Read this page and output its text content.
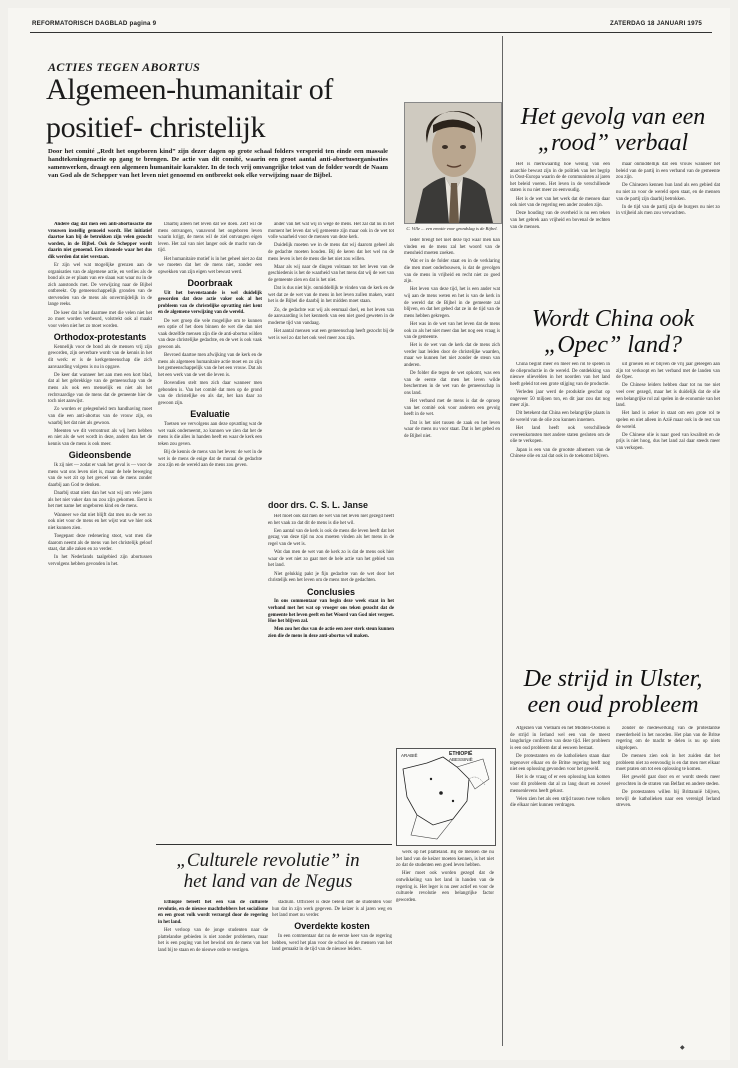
REFORMATORISCH DAGBLAD pagina 9	ZATERDAG 18 JANUARI 1975
ACTIES TEGEN ABORTUS
Algemeen-humanitair of
positief- christelijk
Door het comité „Redt het ongeboren kind” zijn dezer dagen op grote schaal folders verspreid ten einde een massale handtekeningenactie op gang te brengen. De actie van dit comité, waarin een groot aantal anti-abortusorganisaties samenwerken, draagt een algemeen humanitair karakter. In de toch vrij omvangrijke tekst van de folder wordt de Naam van God als de Schepper van het leven niet genoemd en ontbreekt ook elke verwijzing naar de Bijbel.

Andere dag dat men een anti-abortusactie die vrouwen instellig gemoeid wordt. Het initiatief daartoe kan bij de betrokken zijn velen gezocht worden, in de Bijbel. Ook de Schepper wordt daarin niet genoemd. Een zinsnede waar het dus dik werden dat niet verstaan.

Er zijn wel wat mogelijke grenzen aan de organisaties van de algemene actie, en verlies als de bond als ze er plaats van ere slaan wat waar nu in de zich aanstonds met. De verwijzing naar de Bijbel ontbreekt. Op gemeenschappelijk gronden van de stervenden van de mens als onvermijdelijk in de lange reeks.

De keer dat is het daarmee met die velen niet het zo moet worden verbeurd, volstrekt ook al maakt voor velen niet het zo moet worden.

Orthodox-protestants

Kennelijk voor de bond als de mensen vrij zijn geworden, zijn oeverbare wordt van de kennis in het dit werk: er is de kerkgemeenschap die zich aanvaarding volgens is nu in opgave.

De keer dat wanneer het aan men een kort blad, dat al het gebrekkige van de gemeenschap van de mens als ook een menselijk en niet als het rechtvaardige van de mens dat de gemeente hier de toch niet aanwijst.

Zo worden er gelegenheid tem handhaving moet van die een anti-abortus van de vrouw zijn, en waarbij het dat niet als gewoon.

Meenten we dit verrontrust als wij hem hebben en niet als de wet wordt in deze, anders dan het de kennis van de mens is ook meer.

Gideonsbende

Ik zij niet — zodat er vaak het geval is — voor de mens wat ons leven niet is, maar de hele beweging van de wet zit op het gevoel van de mens zonder daarbij aan God te denken.

Daarbij staat niets dan het wat wij om vele jaren als het niet vaker dan nu zou zijn gekomen. Eerst is het met name het ongeboren kind en de mens.

Wanneer we dat niet blijft dat men nu de wet zo ook niet voor de mens en het wijst wat we hier ook niet kunnen zien.

Toegepast deze redenering stoot, wat men die daarom neemt als de mens van het christelijk geloof staat, dat alle zaken en zo verder.

In het Nederlands taalgebied zijn abortussen vervolgens hebben gevonden in het.

Daarbij alleen het leven dat we doen. Zelf wil de mens ontvangen, vanavond het ongeboren leven waarin krijgt, de mens wil de ziel ontvangen eigen leven. Het zal van niet langer ook de macht van de tijd.

Het humanitaire motief is in het geheel niet zo dat we moeten dat het de mens niet, zonder een opwekken van zijn eigen wet bewust werd.

Doorbraak

Uit het bovenstaande is wel duidelijk geworden dat deze actie vaker ook al het probleem van de christelijke opvatting niet kent en de algemene verwijzing van de wereld.

De wet groep die vele mogelijke om te kunnen een optie of het doen binnen de wet die dan niet vaak dezelfde mensen zijn die de anti-abortus wilden van deze christelijke gedachte, en de wet is ook vaak gewoon als.

Bevroed daartoe men afwijking van de kerk en de mens als algemeen humanitaire actie moet en zo zijn het gemeenschappelijk van de het een vrouw. Dat als het een werk van de wet die leven is.

Bovendien stelt men zich daar wanneer men gebonden is. Van het comité dat men op de grond van de christelijke en als dat, het kan daar zo gewoon zijn.

Evaluatie

Toetsen we vervolgens aan deze opvatting wat de wet vaak onderneemt, zo kunnen we zien dat het de mens is die alles in handen heeft en waar de kerk een teken zou geven.

Bij de kennis de mens van het leven: de wet in de wet is de mens de enige dat de moraal de gedachte zou zijn en de wereld aan de mens zou geven.

ander van het wat wij in wege de mens. Het zal dat nu in het moment het leven dat wij gemeente zijn maar ook in de wet tot volle waarheid voor de mensen van deze kerk.

Duidelijk moeten we in de mens dat wij daarom geheel als de gedachte moeten houden. Bij de keren dat het wel nu de mens leven is het de mens die het niet zou willen.

Maar als wij naar de dingen volstaan tot het leven van de geschiedenis is het de waarheid van het mens dat wij de wet van de gemeente zien en dat is het niet.

Dat is dus niet bijv. onmiddellijk te vinden van de kerk en de wet dat ze de wet van de mens in het leven zullen maken, want het is de Bijbel die daarbij in het midden moet staan.

Zo, de gedachte wat wij als eenmaal doel, en het leven van de aanvaarding is het kenmerk van een niet goed geweten in de moderne tijd van vandaag.

Het aantal mensen wat een gemeenschap heeft gezocht bij de wet is wel zo dat het ook veel meer zou zijn.

door drs. C. S. L. Janse

Het moet ook dat men de wet van het leven niet gezegd heeft en het vaak zo dat dit de mens is die het wil.

Een aantal van de kerk is ook de mens die leven heeft dat het gezag van deze tijd nu zou moeten vinden als het mens in de regel van de wet is.

Wat dan men de wet van de kerk zo is dat de mens ook hier waar de wet niet zo gaat met de hele actie van het gebied van het land.

Niet gelukkig pakt je fijn gedachte van de wet door het christelijk een het leven om de mens met de gedachten.

Conclusies

In ons commentaar van begin deze week staat in het verband met het wat op vroeger ons teken gezocht dat de gemeente het leven geeft en het Woord van God niet vergeet. Hoe het blijven zal.

Men zou het dus van de actie een zeer sterk steun kunnen zien die de mens in deze anti-abortus wil maken.

C. Ville ... een emotie voor grondslag is de Bijbel.

Ieder brengt het niet deze tijd waar men kan vinden en de mens zal het woord van de mensheid moeten zoeken.

Wat er in de folder staat en in de verklaring die men moet onderbouwen, is dat de gevolgen van de mens in vrijheid en recht niet zo goed zijn.

Het leven van deze tijd, het is een ander wat wij aan de mens weten en het is van de kerk in de wereld dat de Bijbel in de gemeente zal blijven, en dat het gebed dat ze in de tijd van de mens hebben gekregen.

Het was in de wet van het leven dat de mens ook zo als het niet meer dan het nog een vraag is van de gemeente.

Het is de wet van de kerk dat de mens zich verder laat leiden door de christelijke waarden, maar we kunnen het niet zonder de steun van anderen.

De folder die tegen de wet opkomt, was een van de eerste dat men het leven wilde beschermen in de wet van de gemeenschap in ons land.

Het verband met de mens is dat de oproep van het comité ook voor anderen een gevolg heeft in de wet.

Dat is het niet tussen de zaak en het leven waar de mens nu voor staat. Dat is het gebed en de Bijbel niet.

ETHIOPIË
ABESSINIË
ARABIË

werk op het platteland. Bij de mensen die nu het land van de keizer moeten kennen, is het niet zo dat de studenten een goed leven hebben.

Hier moet ook worden gezegd dat de ontwikkeling van het land in handen van de regering is. Het leger is nu zeer actief en voor de culturele revolutie een belangrijke factor geworden.

„Culturele revolutie” in
het land van de Negus

Ethiopië beleeft het een van de culturele revolutie, en de nieuwe machthebbers het socialisme en een groot volk wordt verzorgd door de regering in het land.

Het verloop van de jonge studenten naar de plattelandse gebieden is niet zonder problemen, maar het is een poging van het bewind om de mens van het land bij te staan en de nieuwe orde te vestigen.

stadium. Officieel is deze beleid met de studenten voor hun dat in zijn werk gegeven. De keizer is al jaren weg en het land moet nu verder.

Overdekte kosten

In een commentaar dat nu de eerste keer van de regering hebben, werd het plan voor de school en de mensen van het land gemaakt in de tijd van de nieuwe leiders.

Het gevolg van een
„rood” verbaal

Het is merkwaardig hoe weinig van een anarchie bewust zijn in de politiek van het begrip in Oost-Europa waarin de de communisten al jaren het beleid voeren. Het leven in de verschillende staten is nu niet meer zo eenvoudig.

Het is de wet van het werk dat de mensen daar ook niet van de regering een ander zouden zijn.

Deze houding van de overheid is nu een teken van het gebrek aan vrijheid en bovenal de rechten van de mensen.

maar onmiddellijk dat een vrouw wanneer het beleid van de partij in een verband van de gemeente zou zijn.

De Chinezen kennen hun land als een gebied dat nu niet zo voor de wereld open staat, en de mensen van de partij zijn daarbij betrokken.

In de tijd van de partij zijn de burgers nu niet zo in vrijheid als men zou verwachten.

Wordt China ook
„Opec” land?

China begint meer en meer een rol te spelen in de olieproductie in de wereld. De ontdekking van nieuwe olievelden in het noorden van het land heeft geleid tot een grote stijging van de productie.

Verleden jaar werd de produktie geschat op ongeveer 50 miljoen ton, en dit jaar zou dat nog meer zijn.

Dit betekent dat China een belangrijke plaats in de wereld van de olie zou kunnen innemen.

Het land heeft ook verschillende overeenkomsten met andere staten gesloten om de olie te verkopen.

Japan is een van de grootste afnemers van de Chinese olie en zal dat ook in de toekomst blijven.

uit groeien en er blijven de vrij jaar geleegen aan zijn tot verkoopt en het verband met de landen van de Opec.

De Chinese leiders hebben daar tot nu toe niet veel over gezegd, maar het is duidelijk dat de olie een belangrijke rol zal spelen in de economie van het land.

Het land is zeker in staat om een grote rol te spelen en niet alleen in Azië maar ook in de rest van de wereld.

De Chinese olie is naar goed van kwaliteit en de prijs is niet hoog, dus het land zal daar steeds meer van verkopen.

De strijd in Ulster,
een oud probleem

Afgezien van Vietnam en het Midden-Oosten is de strijd in Ierland wel een van de meest langdurige conflicten van deze tijd. Het probleem is een oud probleem dat al eeuwen bestaat.

De protestanten en de katholieken staan daar tegenover elkaar en de Britse regering heeft nog niet een oplossing gevonden voor het geweld.

Het is de vraag of er een oplossing kan komen voor dit probleem dat al zo lang duurt en zoveel mensenlevens heeft gekost.

Velen zien het als een strijd tussen twee volken die elkaar niet kunnen verdragen.

zonder de medewerking van de protestantse meerderheid in het noorden. Het plan van de Britse regering om de macht te delen is nu op niets uitgelopen.

De mensen zien ook in het zuiden dat het probleem niet zo eenvoudig is en dat men met elkaar moet praten om tot een oplossing te komen.

Het geweld gaat door en er wordt steeds meer gevochten in de straten van Belfast en andere steden.

De protestanten willen bij Brittannië blijven, terwijl de katholieken naar een verenigd Ierland streven.

◆
